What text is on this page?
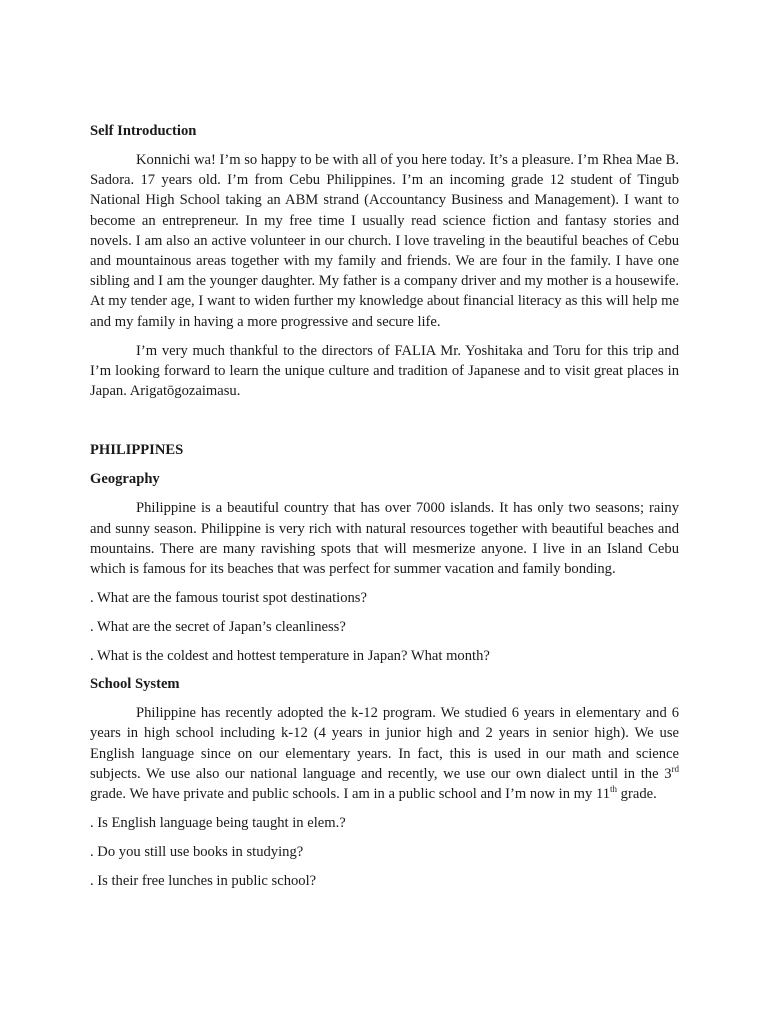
Self Introduction

Konnichi wa! I’m so happy to be with all of you here today. It’s a pleasure. I’m Rhea Mae B. Sadora. 17 years old. I’m from Cebu Philippines. I’m an incoming grade 12 student of Tingub National High School taking an ABM strand (Accountancy Business and Management). I want to become an entrepreneur. In my free time I usually read science fiction and fantasy stories and novels. I am also an active volunteer in our church. I love traveling in the beautiful beaches of Cebu and mountainous areas together with my family and friends. We are four in the family. I have one sibling and I am the younger daughter. My father is a company driver and my mother is a housewife. At my tender age, I want to widen further my knowledge about financial literacy as this will help me and my family in having a more progressive and secure life.

I’m very much thankful to the directors of FALIA Mr. Yoshitaka and Toru for this trip and I’m looking forward to learn the unique culture and tradition of Japanese and to visit great places in Japan. Arigatōgozaimasu.

PHILIPPINES

Geography

Philippine is a beautiful country that has over 7000 islands. It has only two seasons; rainy and sunny season. Philippine is very rich with natural resources together with beautiful beaches and mountains. There are many ravishing spots that will mesmerize anyone. I live in an Island Cebu which is famous for its beaches that was perfect for summer vacation and family bonding.

. What are the famous tourist spot destinations?

. What are the secret of Japan’s cleanliness?

. What is the coldest and hottest temperature in Japan? What month?

School System

Philippine has recently adopted the k-12 program. We studied 6 years in elementary and 6 years in high school including k-12 (4 years in junior high and 2 years in senior high). We use English language since on our elementary years. In fact, this is used in our math and science subjects. We use also our national language and recently, we use our own dialect until in the 3rd grade. We have private and public schools. I am in a public school and I’m now in my 11th grade.

. Is English language being taught in elem.?

. Do you still use books in studying?

. Is their free lunches in public school?
